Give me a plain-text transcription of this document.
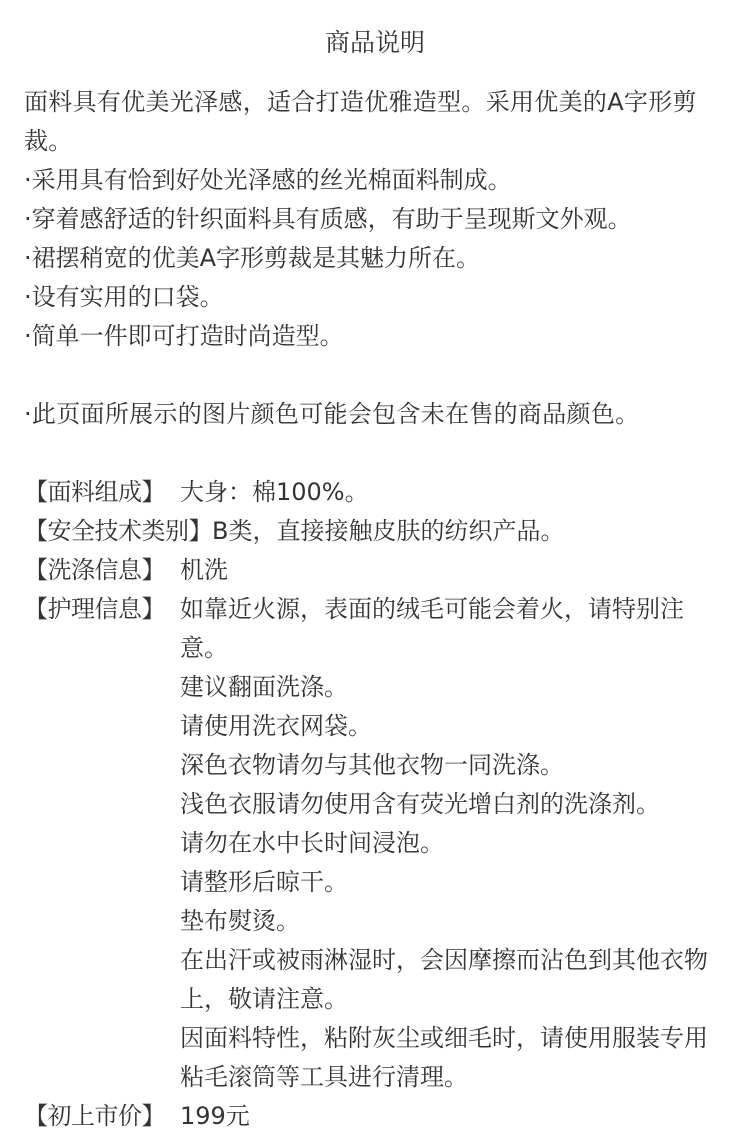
商品说明

面料具有优美光泽感，适合打造优雅造型。采用优美的A字形剪裁。

·采用具有恰到好处光泽感的丝光棉面料制成。
·穿着感舒适的针织面料具有质感，有助于呈现斯文外观。
·裙摆稍宽的优美A字形剪裁是其魅力所在。
·设有实用的口袋。
·简单一件即可打造时尚造型。

·此页面所展示的图片颜色可能会包含未在售的商品颜色。

【面料组成】 大身：棉100%。
【安全技术类别】 B类，直接接触皮肤的纺织产品。
【洗涤信息】 机洗
【护理信息】 如靠近火源，表面的绒毛可能会着火，请特别注意。
建议翻面洗涤。
请使用洗衣网袋。
深色衣物请勿与其他衣物一同洗涤。
浅色衣服请勿使用含有荧光增白剂的洗涤剂。
请勿在水中长时间浸泡。
请整形后晾干。
垫布熨烫。
在出汗或被雨淋湿时，会因摩擦而沾色到其他衣物上，敬请注意。
因面料特性，粘附灰尘或细毛时，请使用服装专用粘毛滚筒等工具进行清理。
【初上市价】 199元
